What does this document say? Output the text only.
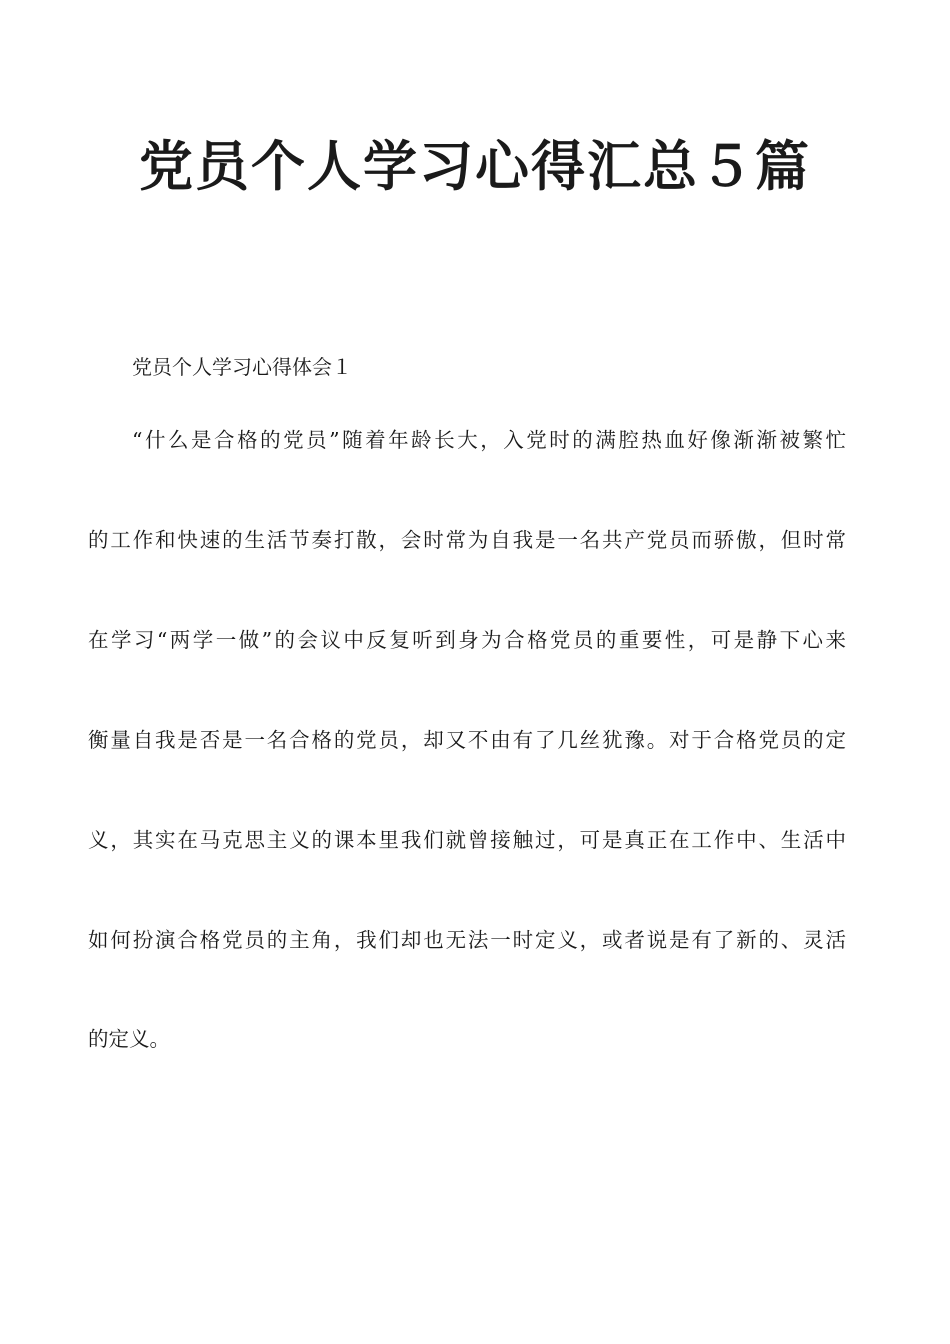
党员个人学习心得汇总５篇

党员个人学习心得体会１

“什么是合格的党员”随着年龄长大，入党时的满腔热血好像渐渐被繁忙

的工作和快速的生活节奏打散，会时常为自我是一名共产党员而骄傲，但时常

在学习“两学一做”的会议中反复听到身为合格党员的重要性，可是静下心来

衡量自我是否是一名合格的党员，却又不由有了几丝犹豫。对于合格党员的定

义，其实在马克思主义的课本里我们就曾接触过，可是真正在工作中、生活中

如何扮演合格党员的主角，我们却也无法一时定义，或者说是有了新的、灵活

的定义。
